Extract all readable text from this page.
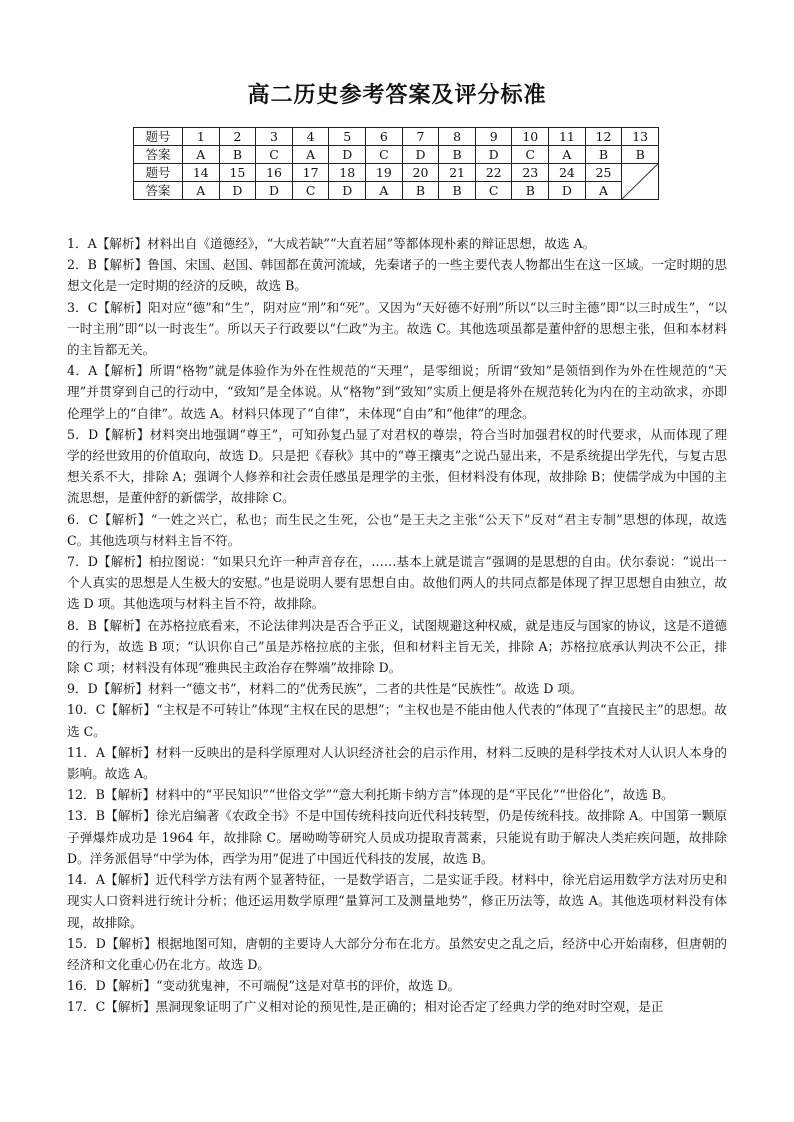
高二历史参考答案及评分标准
题号	1	2	3	4	5	6	7	8	9	10	11	12	13
答案	A	B	C	A	D	C	D	B	D	C	A	B	B
题号	14	15	16	17	18	19	20	21	22	23	24	25	

答案	A	D	D	C	D	A	B	B	C	B	D	A	

1．A【解析】材料出自《道德经》，“大成若缺”“大直若屈”等都体现朴素的辩证思想，故选 A。

2．B【解析】鲁国、宋国、赵国、韩国都在黄河流域，先秦诸子的一些主要代表人物都出生在这一区域。一定时期的思想文化是一定时期的经济的反映，故选 B。

3．C【解析】阳对应“德”和“生”，阴对应“刑”和“死”。又因为“天好德不好刑”所以“以三时主德”即“以三时成生”，“以一时主刑”即“以一时丧生”。所以天子行政要以“仁政”为主。故选 C。其他选项虽都是董仲舒的思想主张，但和本材料的主旨都无关。

4．A【解析】所谓“格物”就是体验作为外在性规范的“天理”，是零细说；所谓“致知”是领悟到作为外在性规范的“天理”并贯穿到自己的行动中，“致知”是全体说。从“格物”到“致知”实质上便是将外在规范转化为内在的主动欲求，亦即伦理学上的“自律”。故选 A。材料只体现了“自律”，未体现“自由”和“他律”的理念。

5．D【解析】材料突出地强调“尊王”，可知孙复凸显了对君权的尊崇，符合当时加强君权的时代要求，从而体现了理学的经世致用的价值取向，故选 D。只是把《春秋》其中的“尊王攘夷”之说凸显出来，不是系统提出学先代，与复古思想关系不大，排除 A；强调个人修养和社会责任感虽是理学的主张，但材料没有体现，故排除 B；使儒学成为中国的主流思想，是董仲舒的新儒学，故排除 C。

6．C【解析】“一姓之兴亡，私也；而生民之生死，公也”是王夫之主张“公天下”反对“君主专制”思想的体现，故选 C。其他选项与材料主旨不符。

7．D【解析】柏拉图说：“如果只允许一种声音存在，……基本上就是谎言”强调的是思想的自由。伏尔泰说：“说出一个人真实的思想是人生极大的安慰。”也是说明人要有思想自由。故他们两人的共同点都是体现了捍卫思想自由独立，故选 D 项。其他选项与材料主旨不符，故排除。

8．B【解析】在苏格拉底看来，不论法律判决是否合乎正义，试图规避这种权威，就是违反与国家的协议，这是不道德的行为，故选 B 项；“认识你自己”虽是苏格拉底的主张，但和材料主旨无关，排除 A；苏格拉底承认判决不公正，排除 C 项；材料没有体现“雅典民主政治存在弊端”故排除 D。

9．D【解析】材料一“德文书”，材料二的“优秀民族”，二者的共性是“民族性”。故选 D 项。

10．C【解析】“主权是不可转让”体现“主权在民的思想”；“主权也是不能由他人代表的”体现了“直接民主”的思想。故选 C。

11．A【解析】材料一反映出的是科学原理对人认识经济社会的启示作用，材料二反映的是科学技术对人认识人本身的影响。故选 A。

12．B【解析】材料中的“平民知识”“世俗文学”“意大利托斯卡纳方言”体现的是“平民化”“世俗化”，故选 B。

13．B【解析】徐光启编著《农政全书》不是中国传统科技向近代科技转型，仍是传统科技。故排除 A。中国第一颗原子弹爆炸成功是 1964 年，故排除 C。屠呦呦等研究人员成功提取青蒿素，只能说有助于解决人类疟疾问题，故排除 D。洋务派倡导“中学为体，西学为用”促进了中国近代科技的发展，故选 B。

14．A【解析】近代科学方法有两个显著特征，一是数学语言，二是实证手段。材料中，徐光启运用数学方法对历史和现实人口资料进行统计分析；他还运用数学原理“量算河工及测量地势”，修正历法等，故选 A。其他选项材料没有体现，故排除。

15．D【解析】根据地图可知，唐朝的主要诗人大部分分布在北方。虽然安史之乱之后，经济中心开始南移，但唐朝的经济和文化重心仍在北方。故选 D。

16．D【解析】“变动犹鬼神，不可端倪”这是对草书的评价，故选 D。

17．C【解析】黑洞现象证明了广义相对论的预见性,是正确的；相对论否定了经典力学的绝对时空观，是正
